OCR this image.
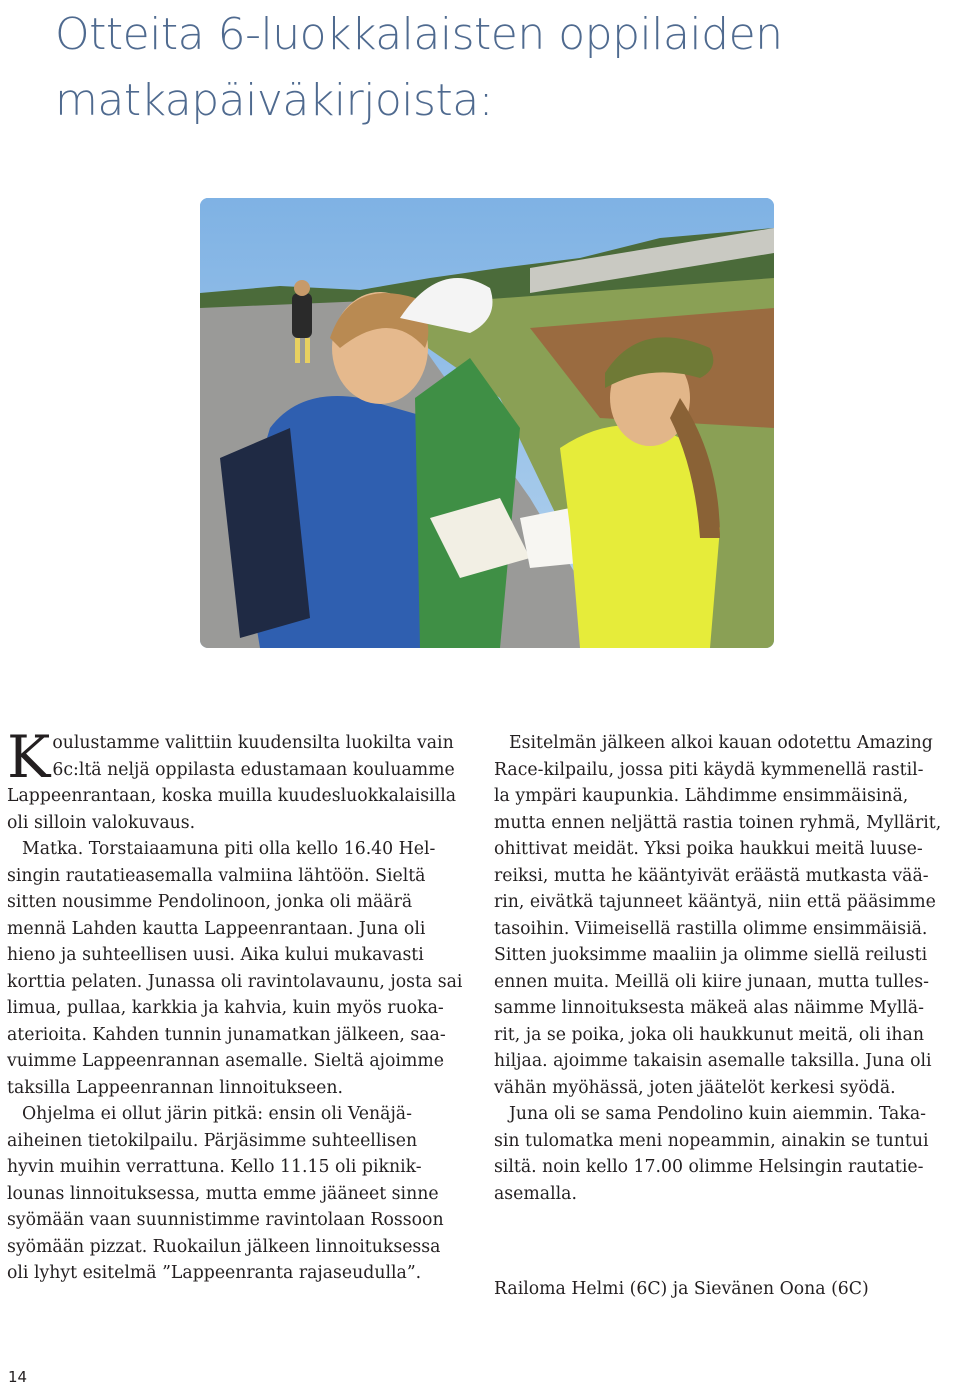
Otteita 6-luokkalaisten oppilaiden
matkapäiväkirjoista:
K oulustamme valittiin kuudensilta luokilta vain
6c:ltä neljä oppilasta edustamaan kouluamme
Lappeenrantaan, koska muilla kuudesluokkalaisilla
oli silloin valokuvaus.
Matka. Torstaiaamuna piti olla kello 16.40 Hel-
singin rautatieasemalla valmiina lähtöön. Sieltä
sitten nousimme Pendolinoon, jonka oli määrä
mennä Lahden kautta Lappeenrantaan. Juna oli
hieno ja suhteellisen uusi. Aika kului mukavasti
korttia pelaten. Junassa oli ravintolavaunu, josta sai
limua, pullaa, karkkia ja kahvia, kuin myös ruoka-
aterioita. Kahden tunnin junamatkan jälkeen, saa-
vuimme Lappeenrannan asemalle. Sieltä ajoimme
taksilla Lappeenrannan linnoitukseen.
Ohjelma ei ollut järin pitkä: ensin oli Venäjä-
aiheinen tietokilpailu. Pärjäsimme suhteellisen
hyvin muihin verrattuna. Kello 11.15 oli piknik-
lounas linnoituksessa, mutta emme jääneet sinne
syömään vaan suunnistimme ravintolaan Rossoon
syömään pizzat. Ruokailun jälkeen linnoituksessa
oli lyhyt esitelmä ”Lappeenranta rajaseudulla”.
Esitelmän jälkeen alkoi kauan odotettu Amazing
Race-kilpailu, jossa piti käydä kymmenellä rastil-
la ympäri kaupunkia. Lähdimme ensimmäisinä,
mutta ennen neljättä rastia toinen ryhmä, Myllärit,
ohittivat meidät. Yksi poika haukkui meitä luuse-
reiksi, mutta he kääntyivät eräästä mutkasta vää-
rin, eivätkä tajunneet kääntyä, niin että pääsimme
tasoihin. Viimeisellä rastilla olimme ensimmäisiä.
Sitten juoksimme maaliin ja olimme siellä reilusti
ennen muita. Meillä oli kiire junaan, mutta tulles-
samme linnoituksesta mäkeä alas näimme Myllä-
rit, ja se poika, joka oli haukkunut meitä, oli ihan
hiljaa. ajoimme takaisin asemalle taksilla. Juna oli
vähän myöhässä, joten jäätelöt kerkesi syödä.
Juna oli se sama Pendolino kuin aiemmin. Taka-
sin tulomatka meni nopeammin, ainakin se tuntui
siltä. noin kello 17.00 olimme Helsingin rautatie-
asemalla.
Railoma Helmi (6C) ja Sievänen Oona (6C)
14
